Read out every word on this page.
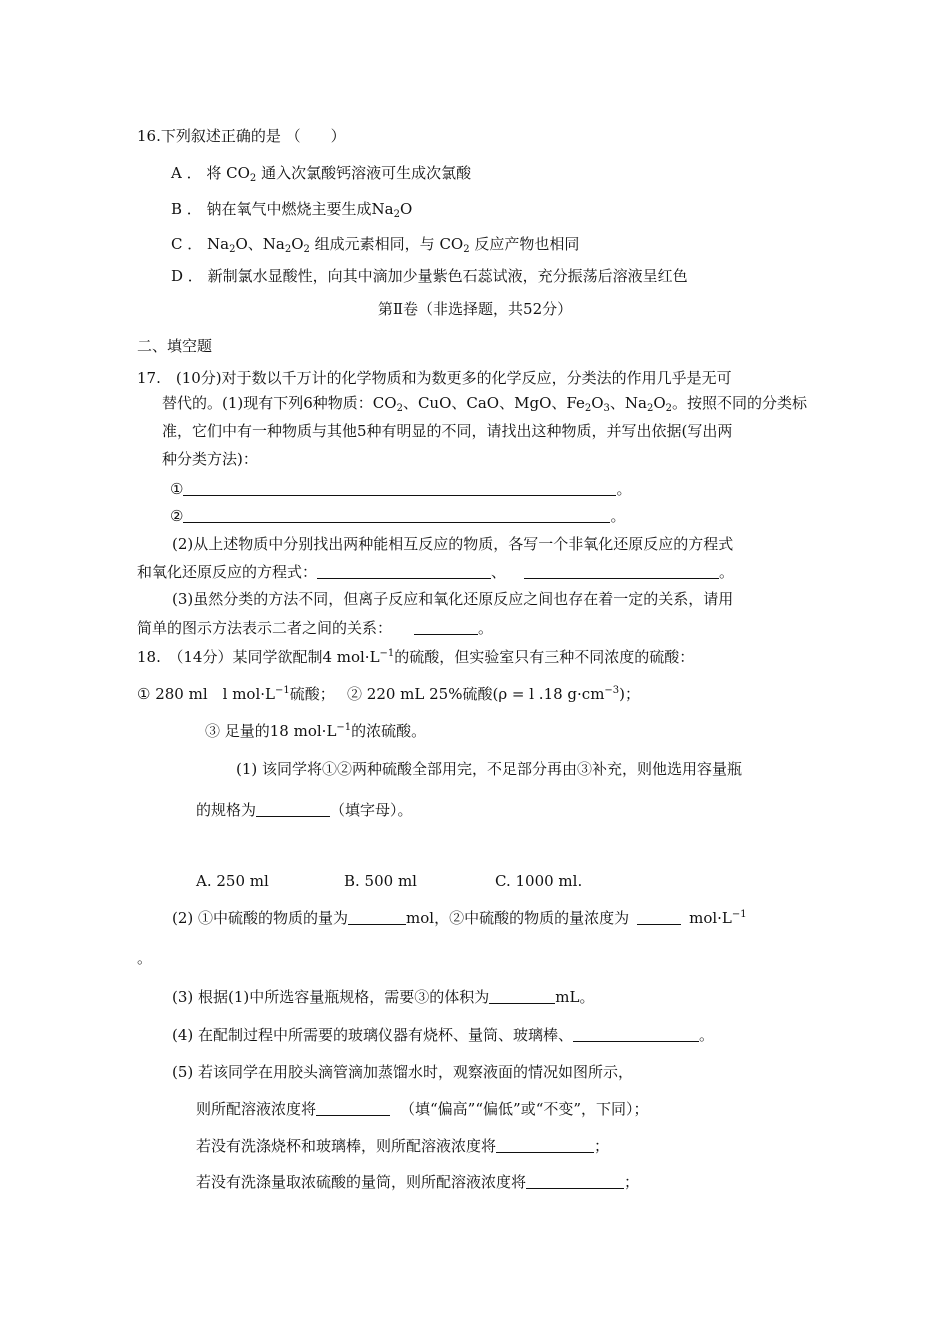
16.下列叙述正确的是 （　　）
A ． 将 $CO_2$ 通入次氯酸钙溶液可生成次氯酸
B ． 钠在氧气中燃烧主要生成$Na_2O$
C ． $Na_2O$、$Na_2O_2$ 组成元素相同，与 $CO_2$ 反应产物也相同
D ． 新制氯水显酸性，向其中滴加少量紫色石蕊试液，充分振荡后溶液呈红色
第Ⅱ卷（非选择题，共52分）
二、填空题
17.　(10分)对于数以千万计的化学物质和为数更多的化学反应，分类法的作用几乎是无可
替代的。(1)现有下列6种物质：$CO_2$、CuO、CaO、MgO、$Fe_2O_3$、$Na_2O_2$。按照不同的分类标
准，它们中有一种物质与其他5种有明显的不同，请找出这种物质，并写出依据(写出两
种分类方法)：
①	。
②	。
(2)从上述物质中分别找出两种能相互反应的物质，各写一个非氧化还原反应的方程式
和氧化还原反应的方程式：	、	。
(3)虽然分类的方法不同，但离子反应和氧化还原反应之间也存在着一定的关系，请用
简单的图示方法表示二者之间的关系：	。
18.　（14分）某同学欲配制4 $mol\cdot L^{-1}$的硫酸，但实验室只有三种不同浓度的硫酸：
① 280 ml　l $mol\cdot L^{-1}$硫酸；　 ② 220 mL 25%硫酸(ρ = l .18 $g\cdot cm^{-3}$)；
③ 足量的18 $mol\cdot L^{-1}$的浓硫酸。
(1) 该同学将①②两种硫酸全部用完，不足部分再由③补充，则他选用容量瓶
的规格为	（填字母）。
A. 250 ml	B. 500 ml	C. 1000 ml.
(2) ①中硫酸的物质的量为	mol，②中硫酸的物质的量浓度为	$mol\cdot L^{-1}$
。
(3) 根据(1)中所选容量瓶规格，需要③的体积为	mL。
(4) 在配制过程中所需要的玻璃仪器有烧杯、量筒、玻璃棒、	。
(5) 若该同学在用胶头滴管滴加蒸馏水时，观察液面的情况如图所示，
则所配溶液浓度将	（填“偏高”“偏低”或“不变”，下同）；
若没有洗涤烧杯和玻璃棒，则所配溶液浓度将	；
若没有洗涤量取浓硫酸的量筒，则所配溶液浓度将	；
